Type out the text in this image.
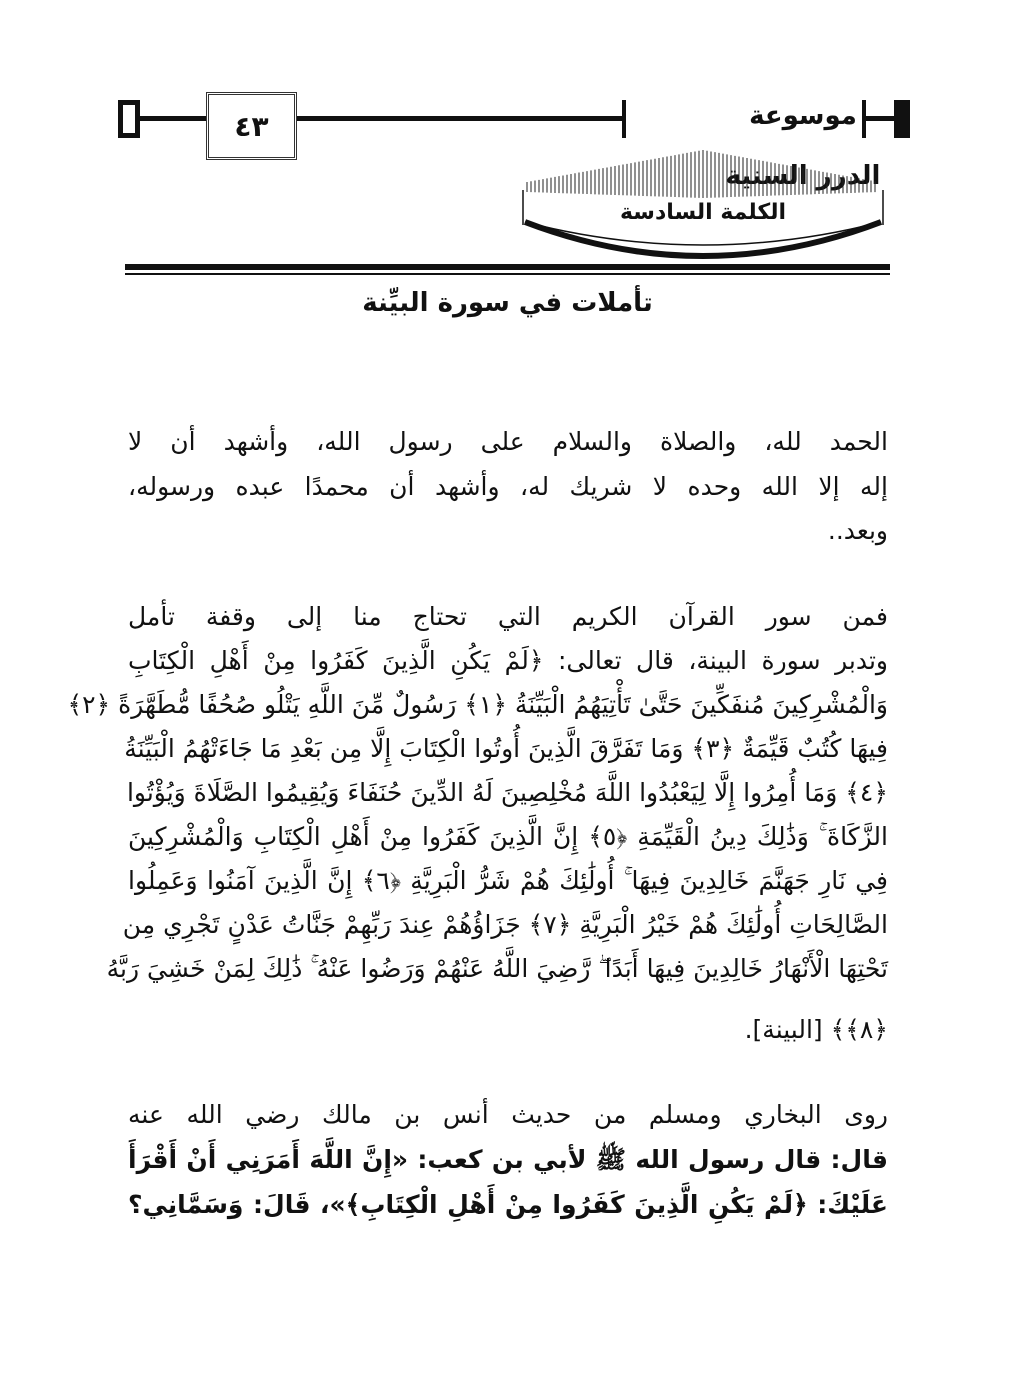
٤٣	موسوعة الدرر السنية
الكلمة السادسة
تأملات في سورة البيِّنة
الحمد لله، والصلاة والسلام على رسول الله، وأشهد أن لا
إله إلا الله وحده لا شريك له، وأشهد أن محمدًا عبده ورسوله،
وبعد..
فمن سور القرآن الكريم التي تحتاج منا إلى وقفة تأمل
وتدبر سورة البينة، قال تعالى: ﴿لَمْ يَكُنِ الَّذِينَ كَفَرُوا مِنْ أَهْلِ الْكِتَابِ
وَالْمُشْرِكِينَ مُنفَكِّينَ حَتَّىٰ تَأْتِيَهُمُ الْبَيِّنَةُ ﴿١﴾ رَسُولٌ مِّنَ اللَّهِ يَتْلُو صُحُفًا مُّطَهَّرَةً ﴿٢﴾
فِيهَا كُتُبٌ قَيِّمَةٌ ﴿٣﴾ وَمَا تَفَرَّقَ الَّذِينَ أُوتُوا الْكِتَابَ إِلَّا مِن بَعْدِ مَا جَاءَتْهُمُ الْبَيِّنَةُ
﴿٤﴾ وَمَا أُمِرُوا إِلَّا لِيَعْبُدُوا اللَّهَ مُخْلِصِينَ لَهُ الدِّينَ حُنَفَاءَ وَيُقِيمُوا الصَّلَاةَ وَيُؤْتُوا
الزَّكَاةَ ۚ وَذَٰلِكَ دِينُ الْقَيِّمَةِ ﴿٥﴾ إِنَّ الَّذِينَ كَفَرُوا مِنْ أَهْلِ الْكِتَابِ وَالْمُشْرِكِينَ
فِي نَارِ جَهَنَّمَ خَالِدِينَ فِيهَا ۚ أُولَٰئِكَ هُمْ شَرُّ الْبَرِيَّةِ ﴿٦﴾ إِنَّ الَّذِينَ آمَنُوا وَعَمِلُوا
الصَّالِحَاتِ أُولَٰئِكَ هُمْ خَيْرُ الْبَرِيَّةِ ﴿٧﴾ جَزَاؤُهُمْ عِندَ رَبِّهِمْ جَنَّاتُ عَدْنٍ تَجْرِي مِن
تَحْتِهَا الْأَنْهَارُ خَالِدِينَ فِيهَا أَبَدًا ۖ رَّضِيَ اللَّهُ عَنْهُمْ وَرَضُوا عَنْهُ ۚ ذَٰلِكَ لِمَنْ خَشِيَ رَبَّهُ
﴿٨﴾﴾ [البينة].
روى البخاري ومسلم من حديث أنس بن مالك رضي الله عنه
قال: قال رسول الله ﷺ لأبي بن كعب: «إِنَّ اللَّهَ أَمَرَنِي أَنْ أَقْرَأَ
عَلَيْكَ: ﴿لَمْ يَكُنِ الَّذِينَ كَفَرُوا مِنْ أَهْلِ الْكِتَابِ﴾»، قَالَ: وَسَمَّانِي؟
